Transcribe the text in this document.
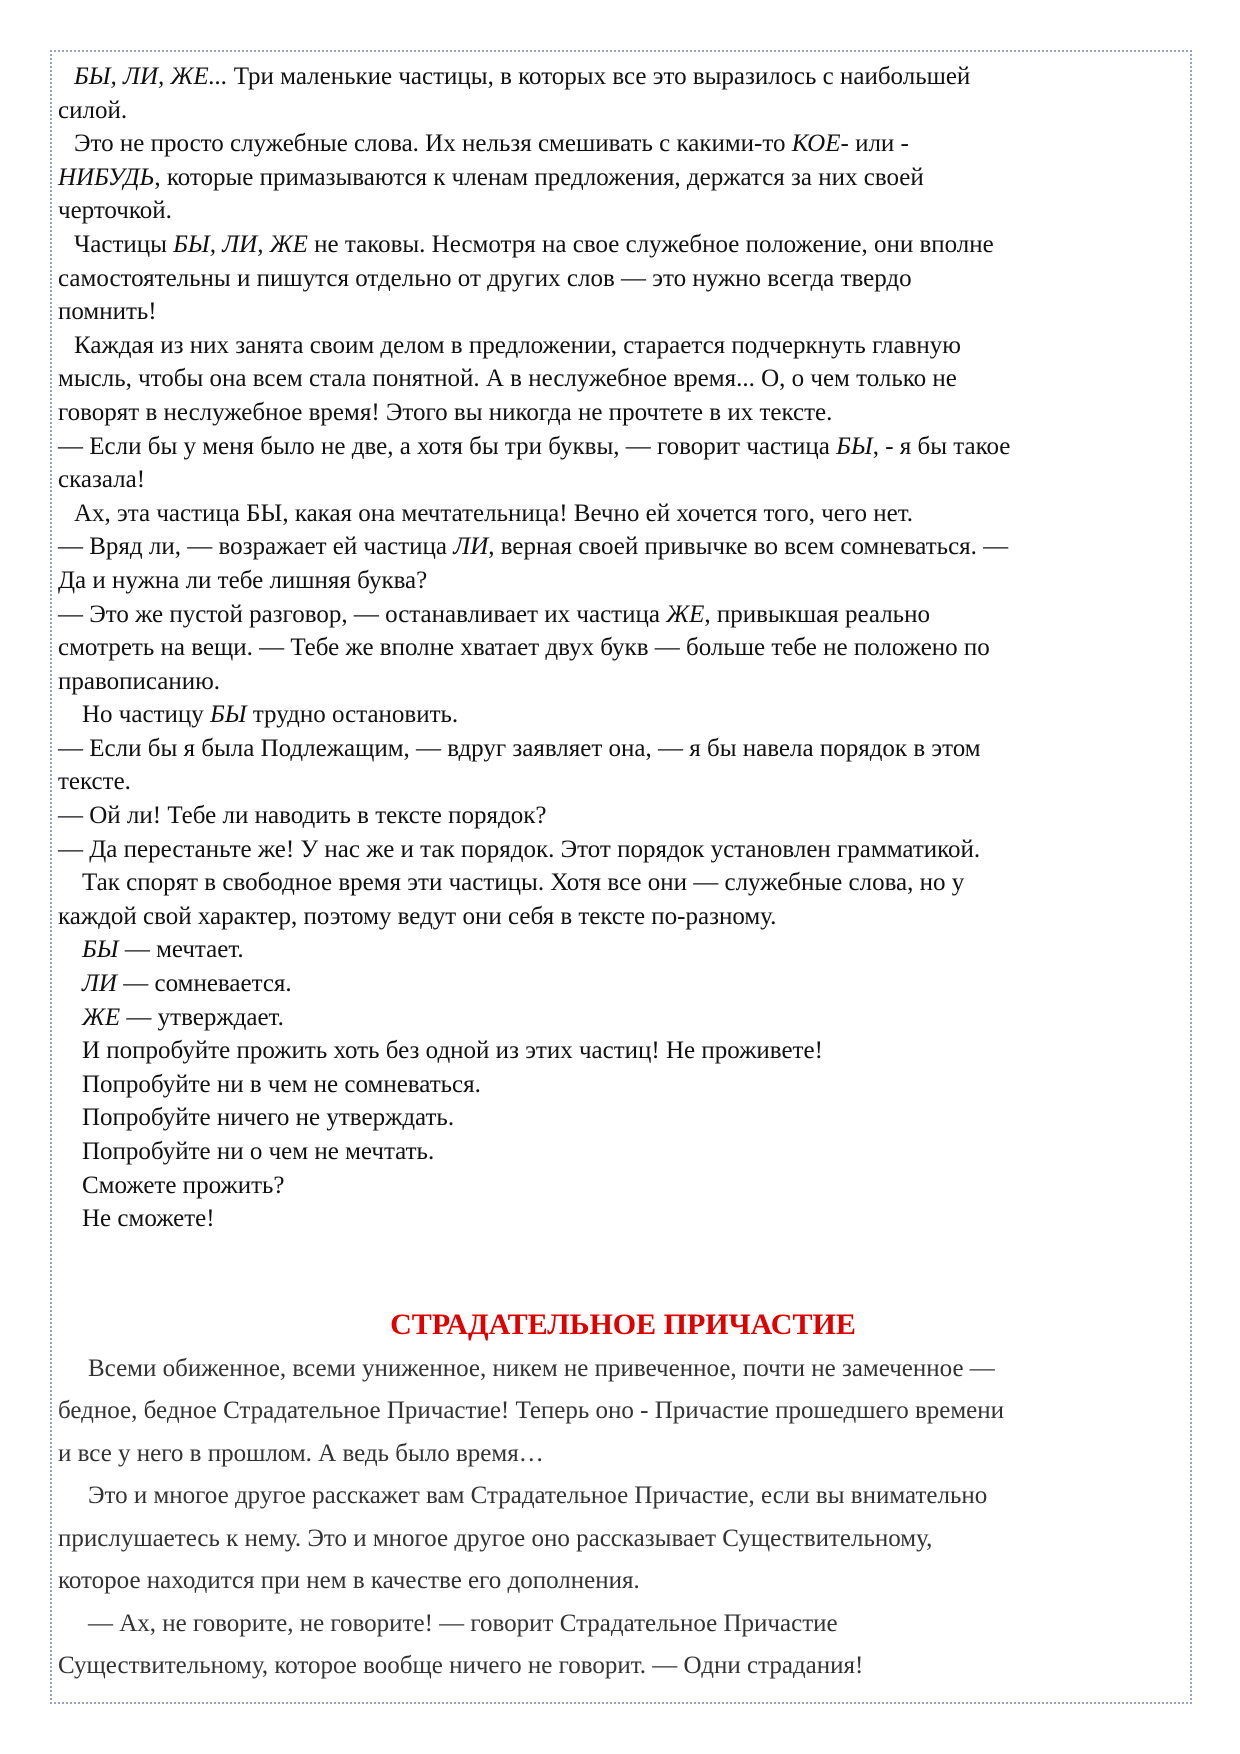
БЫ, ЛИ, ЖЕ... Три маленькие частицы, в которых все это выразилось с наибольшей

силой.

Это не просто служебные слова. Их нельзя смешивать с какими-то КОЕ- или -

НИБУДЬ, которые примазываются к членам предложения, держатся за них своей

черточкой.

Частицы БЫ, ЛИ, ЖЕ не таковы. Несмотря на свое служебное положение, они вполне

самостоятельны и пишутся отдельно от других слов — это нужно всегда твердо

помнить!

Каждая из них занята своим делом в предложении, старается подчеркнуть главную

мысль, чтобы она всем стала понятной. А в неслужебное время... О, о чем только не

говорят в неслужебное время! Этого вы никогда не прочтете в их тексте.

— Если бы у меня было не две, а хотя бы три буквы, — говорит частица БЫ, - я бы такое

сказала!

Ах, эта частица БЫ, какая она мечтательница! Вечно ей хочется того, чего нет.

— Вряд ли, — возражает ей частица ЛИ, верная своей привычке во всем сомневаться. —

Да и нужна ли тебе лишняя буква?

— Это же пустой разговор, — останавливает их частица ЖЕ, привыкшая реально

смотреть на вещи. — Тебе же вполне хватает двух букв — больше тебе не положено по

правописанию.

Но частицу БЫ трудно остановить.

— Если бы я была Подлежащим, — вдруг заявляет она, — я бы навела порядок в этом

тексте.

— Ой ли! Тебе ли наводить в тексте порядок?

— Да перестаньте же! У нас же и так порядок. Этот порядок установлен грамматикой.

Так спорят в свободное время эти частицы. Хотя все они — служебные слова, но у

каждой свой характер, поэтому ведут они себя в тексте по-разному.

БЫ — мечтает.

ЛИ — сомневается.

ЖЕ — утверждает.

И попробуйте прожить хоть без одной из этих частиц! Не проживете!

Попробуйте ни в чем не сомневаться.

Попробуйте ничего не утверждать.

Попробуйте ни о чем не мечтать.

Сможете прожить?

Не сможете!

СТРАДАТЕЛЬНОЕ ПРИЧАСТИЕ

Всеми обиженное, всеми униженное, никем не привеченное, почти не замеченное —

бедное, бедное Страдательное Причастие! Теперь оно - Причастие прошедшего времени

и все у него в прошлом. А ведь было время…

Это и многое другое расскажет вам Страдательное Причастие, если вы внимательно

прислушаетесь к нему. Это и многое другое оно рассказывает Существительному,

которое находится при нем в качестве его дополнения.

— Ах, не говорите, не говорите! — говорит Страдательное Причастие

Существительному, которое вообще ничего не говорит. — Одни страдания!
